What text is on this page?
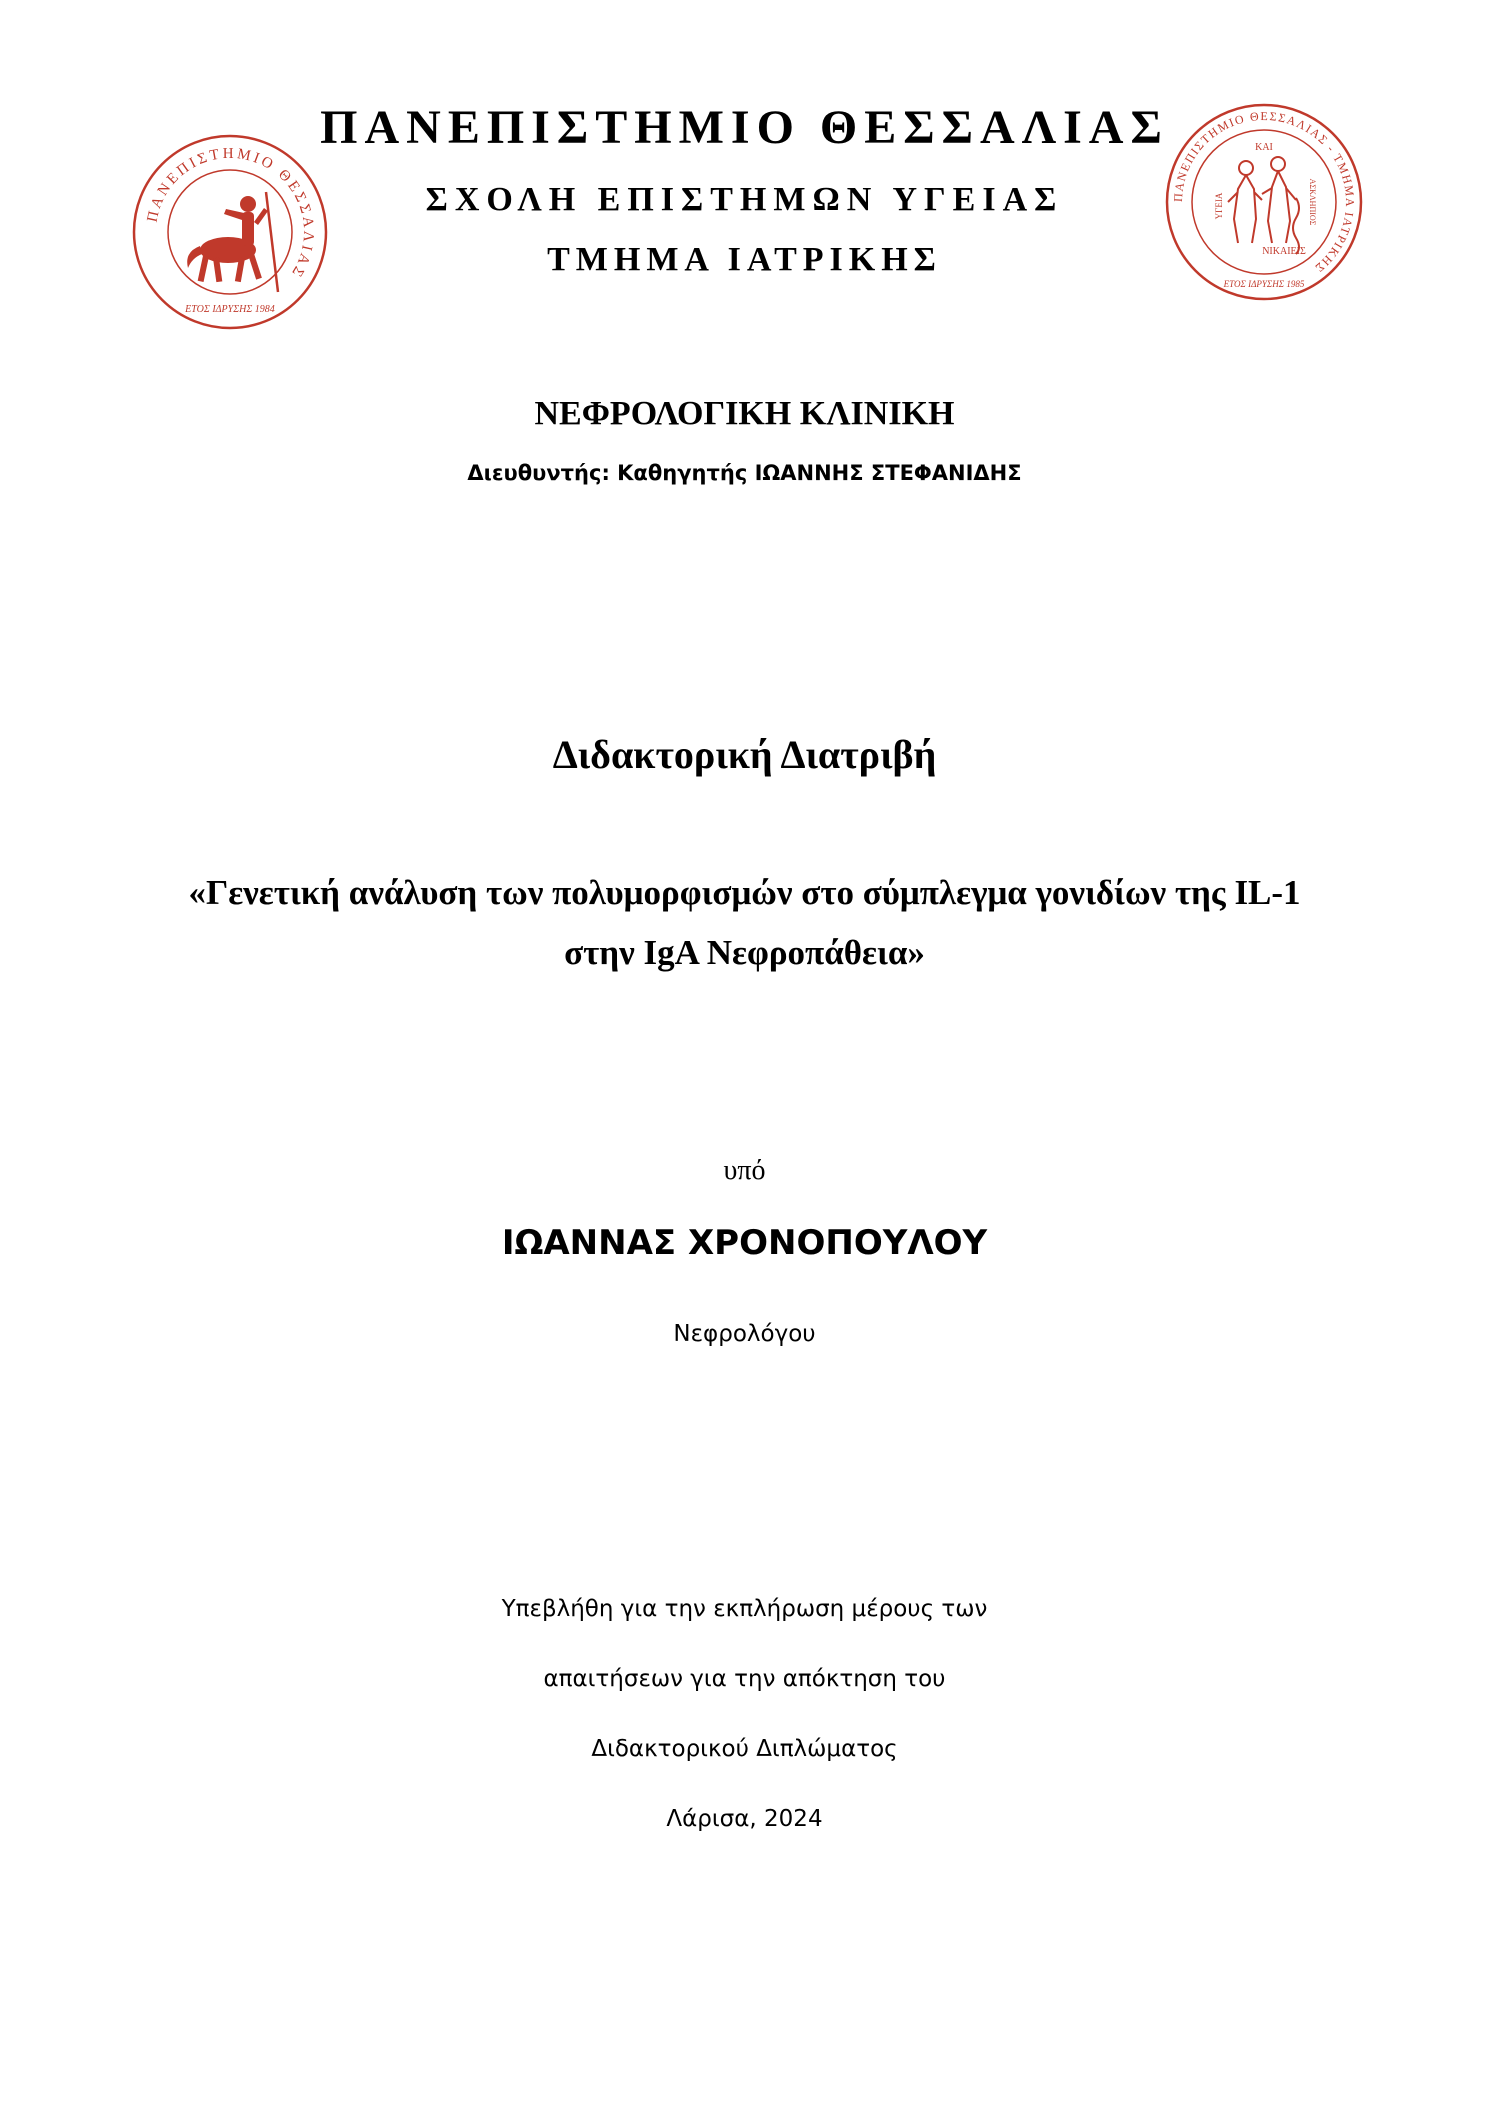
ΠΑΝΕΠΙΣΤΗΜΙΟ ΘΕΣΣΑΛΙΑΣ
ΕΤΟΣ ΙΔΡΥΣΗΣ 1984
ΠΑΝΕΠΙΣΤΗΜΙΟ ΘΕΣΣΑΛΙΑΣ - ΤΜΗΜΑ ΙΑΤΡΙΚΗΣ
ΚΑΙ
ΥΓΕΙΑ	ΑΣΚΛΗΠΙΟΣ
ΝΙΚΑΙΕΙΣ
ΕΤΟΣ ΙΔΡΥΣΗΣ 1985
ΠΑΝΕΠΙΣΤΗΜΙΟ ΘΕΣΣΑΛΙΑΣ
ΣΧΟΛΗ ΕΠΙΣΤΗΜΩΝ ΥΓΕΙΑΣ
ΤΜΗΜΑ ΙΑΤΡΙΚΗΣ
ΝΕΦΡΟΛΟΓΙΚΗ ΚΛΙΝΙΚΗ
Διευθυντής: Καθηγητής ΙΩΑΝΝΗΣ ΣΤΕΦΑΝΙΔΗΣ
Διδακτορική Διατριβή
«Γενετική ανάλυση των πολυμορφισμών στο σύμπλεγμα γονιδίων της IL-1
στην IgA Νεφροπάθεια»
υπό
ΙΩΑΝΝΑΣ ΧΡΟΝΟΠΟΥΛΟΥ
Νεφρολόγου
Υπεβλήθη για την εκπλήρωση μέρους των
απαιτήσεων για την απόκτηση του
Διδακτορικού Διπλώματος
Λάρισα, 2024
